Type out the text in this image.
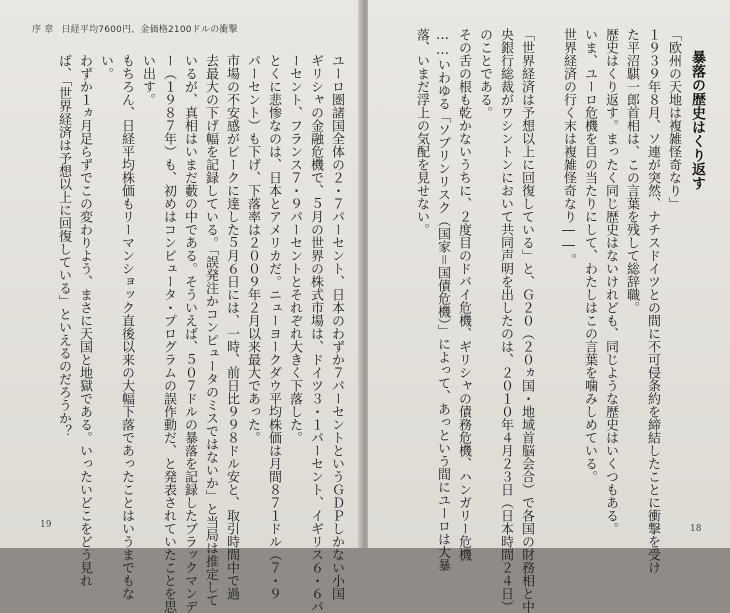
序 章 日経平均7600円、金価格2100ドルの衝撃
ユーロ圏諸国全体の２・７パーセント、日本のわずか７パーセントというＧＤＰしかない小国
ギリシャの金融危機で、５月の世界の株式市場は、ドイツ３・１パーセント、イギリス６・６パ
ーセント、フランス７・９パーセントとそれぞれ大きく下落した。
とくに悲惨なのは、日本とアメリカだ。ニューヨークダウ平均株価は月間８７１ドル（７・９
パーセント）も下げ、下落率は２００９年２月以来最大であった。
市場の不安感がピークに達した５月６日には、一時、前日比９９８ドル安と、取引時間中で過
去最大の下げ幅を記録している。「誤発注かコンピュータのミスではないか」と当局は推定して
いるが、真相はいまだ藪の中である。そういえば、５０７ドルの暴落を記録したブラックマンデ
ー（１９８７年）も、初めはコンピュータ・プログラムの誤作動だ、と発表されていたことを思
い出す。
もちろん、日経平均株価もリーマンショック直後以来の大幅下落であったことはいうまでもな
い。
わずか１ヵ月足らずでこの変わりよう、まさに天国と地獄である。いったいどこをどう見れ
ば、「世界経済は予想以上に回復している」といえるのだろうか？
19
暴落の歴史はくり返す
「欧州の天地は複雑怪奇なり」
１９３９年８月、ソ連が突然、ナチスドイツとの間に不可侵条約を締結したことに衝撃を受け
た平沼騏一郎首相は、この言葉を残して総辞職。
歴史はくり返す。まったく同じ歴史はないけれども、同じような歴史はいくつもある。
いま、ユーロ危機を目の当たりにして、わたしはこの言葉を噛みしめている。
世界経済の行く末は複雑怪奇なり――。
「世界経済は予想以上に回復している」と、Ｇ２０（２０ヵ国・地域首脳会合）で各国の財務相と中
央銀行総裁がワシントンにおいて共同声明を出したのは、２０１０年４月２３日（日本時間２４日）
のことである。
その舌の根も乾かないうちに、２度目のドバイ危機、ギリシャの債務危機、ハンガリー危機
……いわゆる「ソブリンリスク（国家＝国債危機）」によって、あっという間にユーロは大暴
落、いまだ浮上の気配を見せない。
18
